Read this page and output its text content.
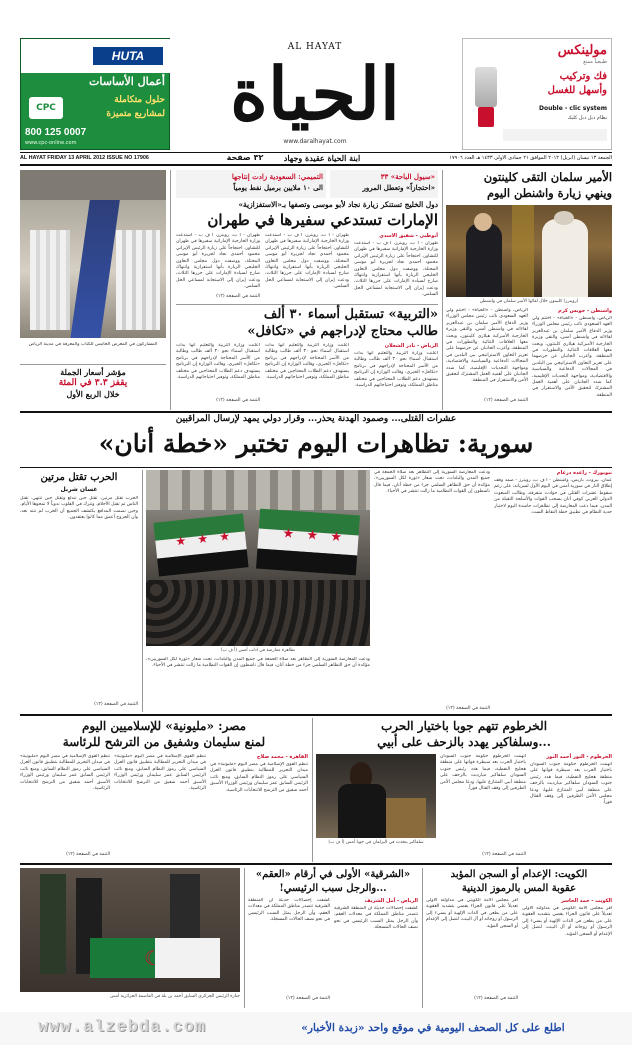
HUTA
أعمال الأساسات
حلول متكاملة
لمشاريع متميزة
CPC
800 125 0007
www.cpc-online.com
AL HAYAT
الحياة
www.daralhayat.com
مولينكس
طبيعياً ممتع
فك وتركيب
وأسهل للغسل
Double - clic system
نظام ذبل دبل كليك
AL HAYAT FRIDAY 13 APRIL 2012 ISSUE NO 17906	٣٢ صفحة	ابنة الحياة عقيدة وجهاد	الجمعة ١٣ نيسان (ابريل) ٢٠١٢ الموافق ٢١ جمادى الاولى ١٤٣٣ هـ العدد ١٧٩٠٦
المشاركون في المعرض الخامس للكتاب والمعرفة في مدينة الرياض
مؤشر أسعار الجملة
يقفز ٣.٣ في المئة
خلال الربع الأول
التميمي: السعودية زادت إنتاجها
الى ١٠ ملايين برميل نفط يومياً
«سيول الباحة» ٣٣
«احتجازاً» وتعطل المرور
دول الخليج تستنكر زيارة نجاد لأبو موسى وتصفها بـ«الاستفزازية»
الإمارات تستدعي سفيرها في طهران
أبوظبي - شفيق الاسدي
طهران - أ ب، رويترز، أ ف ب - استدعت وزارة الخارجية الإماراتية سفيرها في طهران للتشاور، احتجاجاً على زيارة الرئيس الإيراني محمود أحمدي نجاد لجزيرة أبو موسى المحتلة، ووصفت دول مجلس التعاون الخليجي الزيارة بأنها استفزازية وانتهاك صارخ لسيادة الإمارات على جزرها الثلاث، ودعت إيران إلى الاستجابة لمساعي الحل السلمي.
طهران - أ ب، رويترز، أ ف ب - استدعت وزارة الخارجية الإماراتية سفيرها في طهران للتشاور، احتجاجاً على زيارة الرئيس الإيراني محمود أحمدي نجاد لجزيرة أبو موسى المحتلة، ووصفت دول مجلس التعاون الخليجي الزيارة بأنها استفزازية وانتهاك صارخ لسيادة الإمارات على جزرها الثلاث، ودعت إيران إلى الاستجابة لمساعي الحل السلمي.
طهران - أ ب، رويترز، أ ف ب - استدعت وزارة الخارجية الإماراتية سفيرها في طهران للتشاور، احتجاجاً على زيارة الرئيس الإيراني محمود أحمدي نجاد لجزيرة أبو موسى المحتلة، ووصفت دول مجلس التعاون الخليجي الزيارة بأنها استفزازية وانتهاك صارخ لسيادة الإمارات على جزرها الثلاث، ودعت إيران إلى الاستجابة لمساعي الحل السلمي.
التتمة في الصفحة (١٢)
«التربية» تستقبل أسماء ٣٠ ألف
طالب محتاج لإدراجهم في «تكافل»
الرياض - نادر الشعلان
أعلنت وزارة التربية والتعليم أنها بدأت استقبال أسماء نحو ٣٠ ألف طالب وطالبة من الأسر المحتاجة لإدراجهم في برنامج «تكافل» الخيري، وقالت الوزارة إن البرنامج يستهدف دعم الطلاب المحتاجين في مختلف مناطق المملكة، وتوفير احتياجاتهم الدراسية.
أعلنت وزارة التربية والتعليم أنها بدأت استقبال أسماء نحو ٣٠ ألف طالب وطالبة من الأسر المحتاجة لإدراجهم في برنامج «تكافل» الخيري، وقالت الوزارة إن البرنامج يستهدف دعم الطلاب المحتاجين في مختلف مناطق المملكة، وتوفير احتياجاتهم الدراسية.
أعلنت وزارة التربية والتعليم أنها بدأت استقبال أسماء نحو ٣٠ ألف طالب وطالبة من الأسر المحتاجة لإدراجهم في برنامج «تكافل» الخيري، وقالت الوزارة إن البرنامج يستهدف دعم الطلاب المحتاجين في مختلف مناطق المملكة، وتوفير احتياجاتهم الدراسية.
التتمة في الصفحة (١٢)
الأمير سلمان التقى كلينتون
وينهي زيارة واشنطن اليوم
(رويترز) كلينتون خلال لقائها الأمير سلمان في واشنطن
واشنطن - جويس كرم
الرياض، واشنطن - «الحياة» - اختتم ولي العهد السعودي نائب رئيس مجلس الوزراء وزير الدفاع الأمير سلمان بن عبدالعزيز لقاءاته في واشنطن أمس، والتقى وزيرة الخارجية الأميركية هيلاري كلينتون، وبحث معها العلاقات الثنائية والتطورات في المنطقة، وأعرب الجانبان عن حرصهما على تعزيز التعاون الاستراتيجي بين البلدين في المجالات الدفاعية والسياسية والاقتصادية، ومواجهة التحديات الإقليمية، كما شدد الجانبان على أهمية العمل المشترك لتحقيق الأمن والاستقرار في المنطقة.
الرياض، واشنطن - «الحياة» - اختتم ولي العهد السعودي نائب رئيس مجلس الوزراء وزير الدفاع الأمير سلمان بن عبدالعزيز لقاءاته في واشنطن أمس، والتقى وزيرة الخارجية الأميركية هيلاري كلينتون، وبحث معها العلاقات الثنائية والتطورات في المنطقة، وأعرب الجانبان عن حرصهما على تعزيز التعاون الاستراتيجي بين البلدين في المجالات الدفاعية والسياسية والاقتصادية، ومواجهة التحديات الإقليمية، كما شدد الجانبان على أهمية العمل المشترك لتحقيق الأمن والاستقرار في المنطقة.
التتمة في الصفحة (١٢)
عشرات القتلى... وصمود الهدنة يحذر... وقرار دولي يمهد لإرسال المراقبين
سورية: تظاهرات اليوم تختبر «خطة أنان»
الحرب تقتل مرتين
غسان شربل
الحرب تقتل مرتين. تقتل حين تندلع وتقتل حين تنتهي. تقتل الناس ثم تقتل الأحلام. وتترك في القلوب ندوباً لا تمحوها الأيام. وحين تصمت المدافع يكتشف الجميع أن الحرب لم تنته بعد، وأن الجروح أعمق مما كانوا يعتقدون.
التتمة في الصفحة (١٢)
★ ★ ★	★ ★ ★
تظاهرة معارضة في ادلب أمس (أ ف ب)
ودعت المعارضة السورية إلى التظاهر بعد صلاة الجمعة في جميع المدن والبلدات، تحت شعار «ثورة لكل السوريين»، مؤكدة أن حق التظاهر السلمي جزء من خطة أنان، فيما قال ناشطون إن القوات النظامية ما زالت تنتشر في الأحياء.
ودعت المعارضة السورية إلى التظاهر بعد صلاة الجمعة في جميع المدن والبلدات، تحت شعار «ثورة لكل السوريين»، مؤكدة أن حق التظاهر السلمي جزء من خطة أنان، فيما قال ناشطون إن القوات النظامية ما زالت تنتشر في الأحياء.
نيويورك - راغدة درغام
عمان، بيروت، باريس، واشنطن - أ ف ب، رويترز - صمد وقف إطلاق النار في سورية أمس في اليوم الأول لسريانه، على رغم سقوط عشرات القتلى في حوادث متفرقة، وطالب المبعوث الدولي العربي كوفي أنان بسحب القوات والأسلحة الثقيلة من المدن، فيما دعت المعارضة إلى تظاهرات حاشدة اليوم لاختبار جدية النظام في تطبيق خطة النقاط الست.
التتمة في الصفحة (١٢)
مصر: «مليونية» للإسلاميين اليوم
لمنع سليمان وشفيق من الترشح للرئاسة
القاهرة - محمد صلاح
تنظم القوى الإسلامية في مصر اليوم «مليونية» في ميدان التحرير للمطالبة بتطبيق قانون العزل السياسي على رموز النظام السابق، ومنع نائب الرئيس السابق عمر سليمان ورئيس الوزراء الأسبق أحمد شفيق من الترشح للانتخابات الرئاسية.
تنظم القوى الإسلامية في مصر اليوم «مليونية» في ميدان التحرير للمطالبة بتطبيق قانون العزل السياسي على رموز النظام السابق، ومنع نائب الرئيس السابق عمر سليمان ورئيس الوزراء الأسبق أحمد شفيق من الترشح للانتخابات الرئاسية.
تنظم القوى الإسلامية في مصر اليوم «مليونية» في ميدان التحرير للمطالبة بتطبيق قانون العزل السياسي على رموز النظام السابق، ومنع نائب الرئيس السابق عمر سليمان ورئيس الوزراء الأسبق أحمد شفيق من الترشح للانتخابات الرئاسية.
التتمة في الصفحة (١٢)
الخرطوم تتهم جوبا باختيار الحرب
...وسلفاكير يهدد بالزحف على أبيي
سلفاكير يتحدث في البرلمان في جوبا أمس (أ ف ب)
الخرطوم - النور أحمد النور
اتهمت الخرطوم حكومة جنوب السودان باختيار الحرب بعد سيطرة قواتها على منطقة هجليج النفطية، فيما هدد رئيس جنوب السودان سلفاكير ميارديت بالزحف على منطقة أبيي المتنازع عليها، ودعا مجلس الأمن الطرفين إلى وقف القتال فوراً.
اتهمت الخرطوم حكومة جنوب السودان باختيار الحرب بعد سيطرة قواتها على منطقة هجليج النفطية، فيما هدد رئيس جنوب السودان سلفاكير ميارديت بالزحف على منطقة أبيي المتنازع عليها، ودعا مجلس الأمن الطرفين إلى وقف القتال فوراً.
التتمة في الصفحة (١٢)
☾
جنازة الرئيس الجزائري السابق أحمد بن بلة في العاصمة الجزائرية أمس
«الشرقية» الأولى في أرقام «العقم»
...والرجل سبب الرئيسي!
الرياض - أمل الشريف
كشفت إحصاءات حديثة أن المنطقة الشرقية تتصدر مناطق المملكة في معدلات العقم، وأن الرجل يمثل السبب الرئيسي في نحو نصف الحالات المسجلة.
كشفت إحصاءات حديثة أن المنطقة الشرقية تتصدر مناطق المملكة في معدلات العقم، وأن الرجل يمثل السبب الرئيسي في نحو نصف الحالات المسجلة.
التتمة في الصفحة (١٢)
الكويت: الإعدام أو السجن المؤبد
عقوبة المس بالرموز الدينية
الكويت - حمد الجاسر
أقر مجلس الأمة الكويتي في مداولته الأولى تعديلاً على قانون الجزاء يقضي بتشديد العقوبة على من يطعن في الذات الإلهية أو يسيء إلى الرسول أو زوجاته أو آل البيت، لتصل إلى الإعدام أو السجن المؤبد.
أقر مجلس الأمة الكويتي في مداولته الأولى تعديلاً على قانون الجزاء يقضي بتشديد العقوبة على من يطعن في الذات الإلهية أو يسيء إلى الرسول أو زوجاته أو آل البيت، لتصل إلى الإعدام أو السجن المؤبد.
التتمة في الصفحة (١٢)
www.alzebda.com	اطلع على كل الصحف اليومية في موقع واحد «زبدة الأخبار»
